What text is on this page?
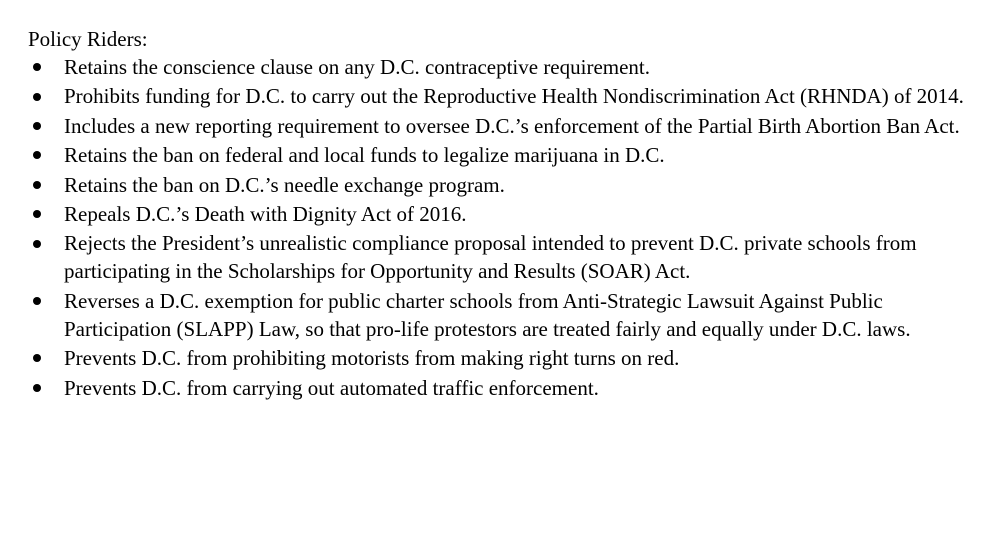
Policy Riders:

Retains the conscience clause on any D.C. contraceptive requirement.
Prohibits funding for D.C. to carry out the Reproductive Health Nondiscrimination Act (RHNDA) of 2014.
Includes a new reporting requirement to oversee D.C.’s enforcement of the Partial Birth Abortion Ban Act.
Retains the ban on federal and local funds to legalize marijuana in D.C.
Retains the ban on D.C.’s needle exchange program.
Repeals D.C.’s Death with Dignity Act of 2016.
Rejects the President’s unrealistic compliance proposal intended to prevent D.C. private schools from participating in the Scholarships for Opportunity and Results (SOAR) Act.
Reverses a D.C. exemption for public charter schools from Anti-Strategic Lawsuit Against Public Participation (SLAPP) Law, so that pro-life protestors are treated fairly and equally under D.C. laws.
Prevents D.C. from prohibiting motorists from making right turns on red.
Prevents D.C. from carrying out automated traffic enforcement.
